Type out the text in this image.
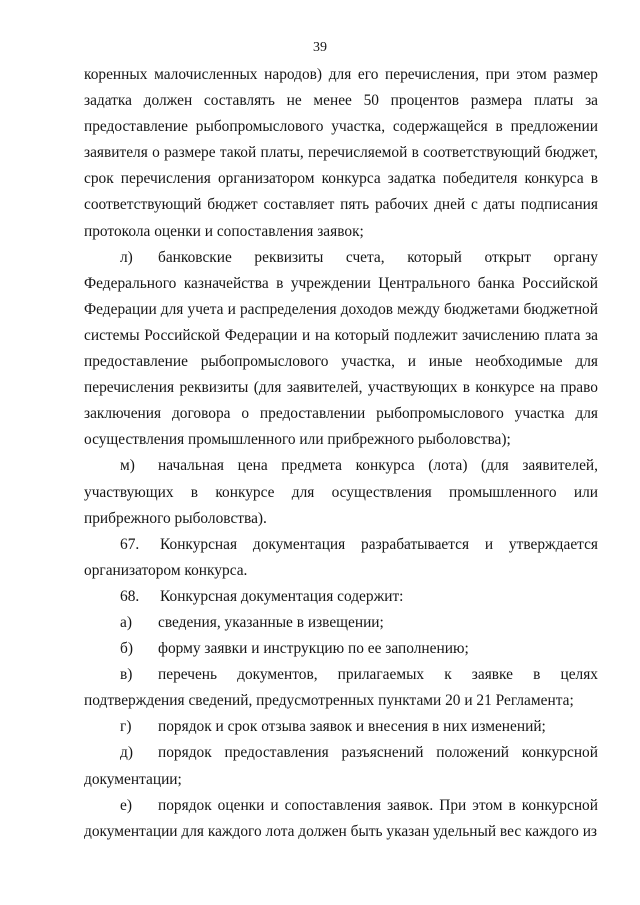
39

коренных малочисленных народов) для его перечисления, при этом размер задатка должен составлять не менее 50 процентов размера платы за предоставление рыбопромыслового участка, содержащейся в предложении заявителя о размере такой платы, перечисляемой в соответствующий бюджет, срок перечисления организатором конкурса задатка победителя конкурса в соответствующий бюджет составляет пять рабочих дней с даты подписания протокола оценки и сопоставления заявок;

л) банковские реквизиты счета, который открыт органу Федерального казначейства в учреждении Центрального банка Российской Федерации для учета и распределения доходов между бюджетами бюджетной системы Российской Федерации и на который подлежит зачислению плата за предоставление рыбопромыслового участка, и иные необходимые для перечисления реквизиты (для заявителей, участвующих в конкурсе на право заключения договора о предоставлении рыбопромыслового участка для осуществления промышленного или прибрежного рыболовства);

м) начальная цена предмета конкурса (лота) (для заявителей, участвующих в конкурсе для осуществления промышленного или прибрежного рыболовства).

67. Конкурсная документация разрабатывается и утверждается организатором конкурса.

68. Конкурсная документация содержит:

а) сведения, указанные в извещении;

б) форму заявки и инструкцию по ее заполнению;

в) перечень документов, прилагаемых к заявке в целях подтверждения сведений, предусмотренных пунктами 20 и 21 Регламента;

г) порядок и срок отзыва заявок и внесения в них изменений;

д) порядок предоставления разъяснений положений конкурсной документации;

е) порядок оценки и сопоставления заявок. При этом в конкурсной документации для каждого лота должен быть указан удельный вес каждого из
